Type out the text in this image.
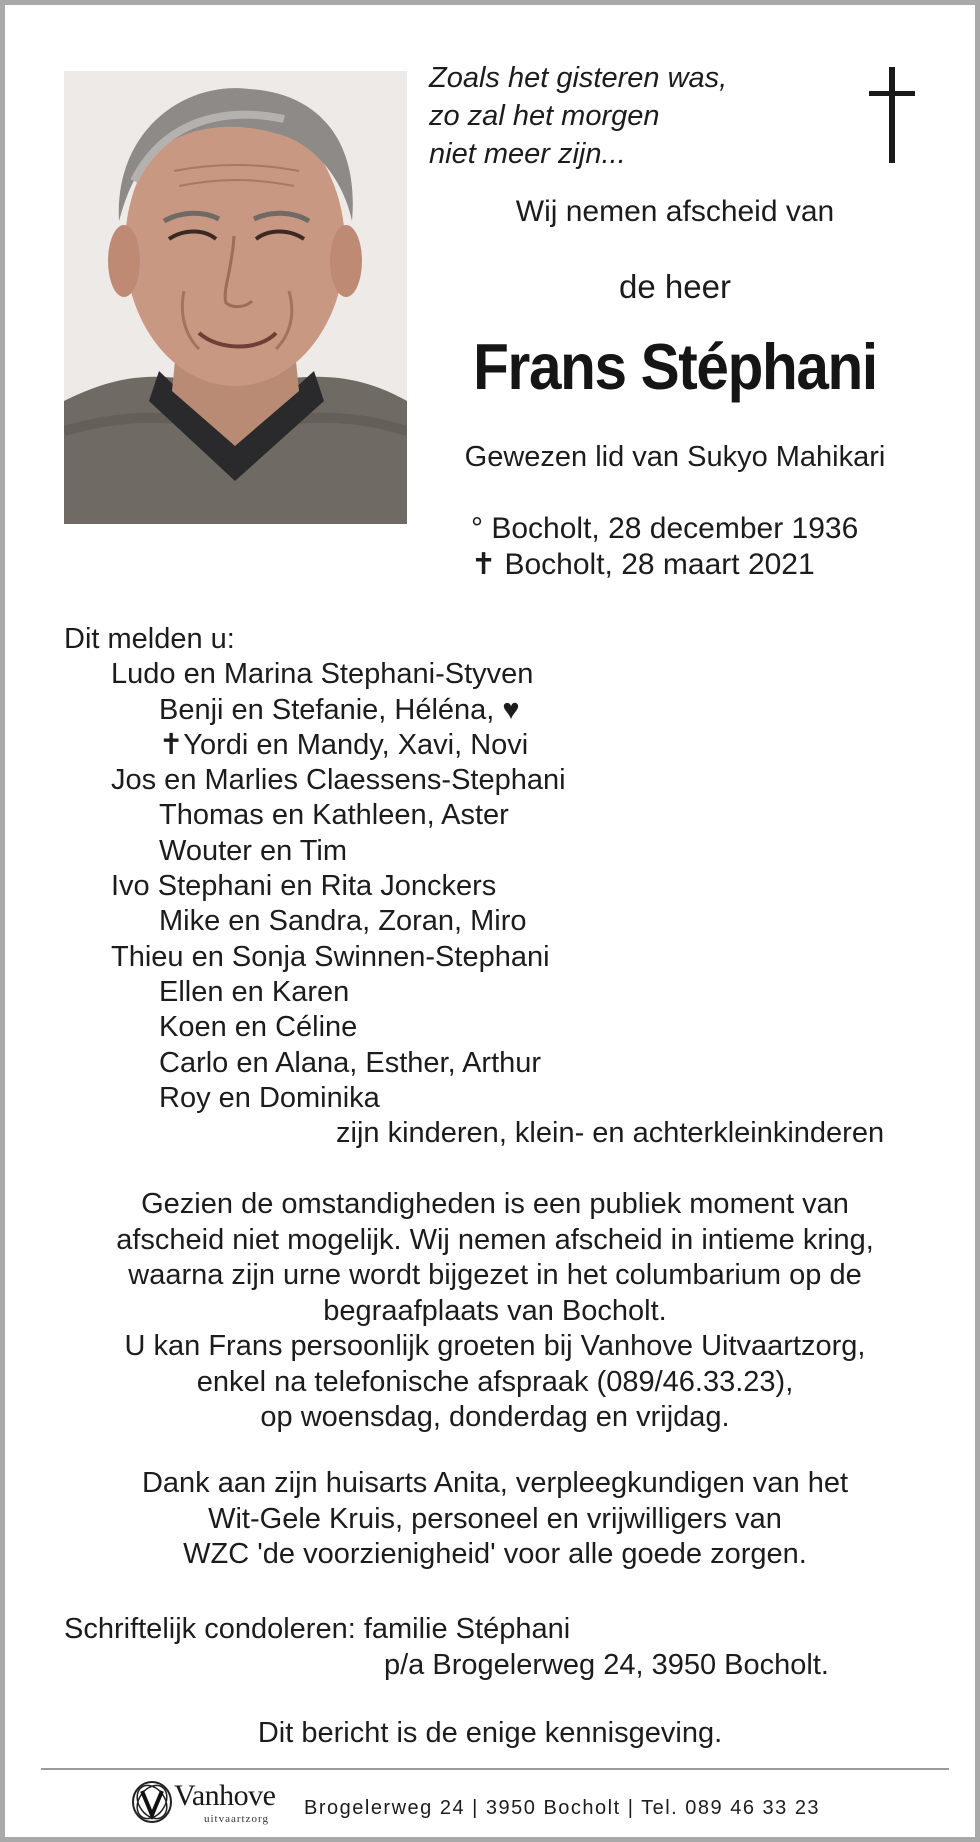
Zoals het gisteren was,
zo zal het morgen
niet meer zijn...
Wij nemen afscheid van
de heer
Frans Stéphani
Gewezen lid van Sukyo Mahikari
° Bocholt, 28 december 1936
✝ Bocholt, 28 maart 2021
Dit melden u:
Ludo en Marina Stephani-Styven
Benji en Stefanie, Héléna, ♥
✝Yordi en Mandy, Xavi, Novi
Jos en Marlies Claessens-Stephani
Thomas en Kathleen, Aster
Wouter en Tim
Ivo Stephani en Rita Jonckers
Mike en Sandra, Zoran, Miro
Thieu en Sonja Swinnen-Stephani
Ellen en Karen
Koen en Céline
Carlo en Alana, Esther, Arthur
Roy en Dominika
zijn kinderen, klein- en achterkleinkinderen
Gezien de omstandigheden is een publiek moment van
afscheid niet mogelijk. Wij nemen afscheid in intieme kring,
waarna zijn urne wordt bijgezet in het columbarium op de
begraafplaats van Bocholt.
U kan Frans persoonlijk groeten bij Vanhove Uitvaartzorg,
enkel na telefonische afspraak (089/46.33.23),
op woensdag, donderdag en vrijdag.
Dank aan zijn huisarts Anita, verpleegkundigen van het
Wit-Gele Kruis, personeel en vrijwilligers van
WZC 'de voorzienigheid' voor alle goede zorgen.
Schriftelijk condoleren: familie Stéphani
p/a Brogelerweg 24, 3950 Bocholt.
Dit bericht is de enige kennisgeving.
Vanhove
uitvaartzorg Brogelerweg 24 | 3950 Bocholt | Tel. 089 46 33 23
